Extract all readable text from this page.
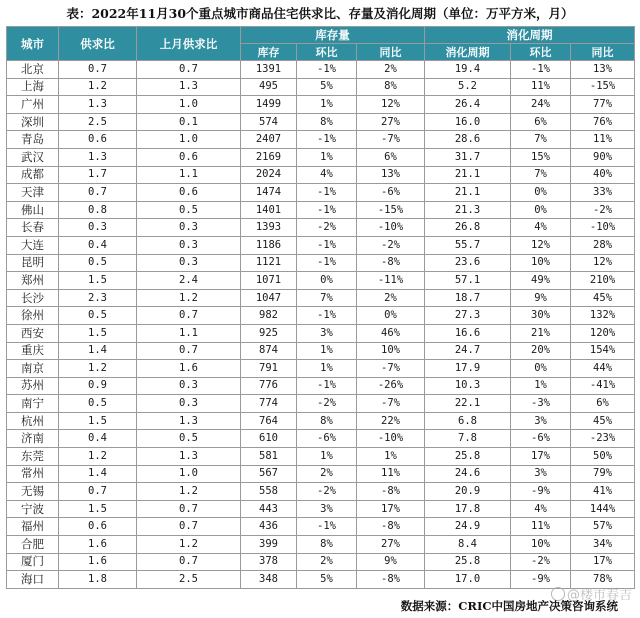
表：2022年11月30个重点城市商品住宅供求比、存量及消化周期（单位：万平方米，月）
城市	供求比	上月供求比	库存量			消化周期		
			库存	环比	同比	消化周期	环比	同比
北京	0.7	0.7	1391	-1%	2%	19.4	-1%	13%
上海	1.2	1.3	495	5%	8%	5.2	11%	-15%
广州	1.3	1.0	1499	1%	12%	26.4	24%	77%
深圳	2.5	0.1	574	8%	27%	16.0	6%	76%
青岛	0.6	1.0	2407	-1%	-7%	28.6	7%	11%
武汉	1.3	0.6	2169	1%	6%	31.7	15%	90%
成都	1.7	1.1	2024	4%	13%	21.1	7%	40%
天津	0.7	0.6	1474	-1%	-6%	21.1	0%	33%
佛山	0.8	0.5	1401	-1%	-15%	21.3	0%	-2%
长春	0.3	0.3	1393	-2%	-10%	26.8	4%	-10%
大连	0.4	0.3	1186	-1%	-2%	55.7	12%	28%
昆明	0.5	0.3	1121	-1%	-8%	23.6	10%	12%
郑州	1.5	2.4	1071	0%	-11%	57.1	49%	210%
长沙	2.3	1.2	1047	7%	2%	18.7	9%	45%
徐州	0.5	0.7	982	-1%	0%	27.3	30%	132%
西安	1.5	1.1	925	3%	46%	16.6	21%	120%
重庆	1.4	0.7	874	1%	10%	24.7	20%	154%
南京	1.2	1.6	791	1%	-7%	17.9	0%	44%
苏州	0.9	0.3	776	-1%	-26%	10.3	1%	-41%
南宁	0.5	0.3	774	-2%	-7%	22.1	-3%	6%
杭州	1.5	1.3	764	8%	22%	6.8	3%	45%
济南	0.4	0.5	610	-6%	-10%	7.8	-6%	-23%
东莞	1.2	1.3	581	1%	1%	25.8	17%	50%
常州	1.4	1.0	567	2%	11%	24.6	3%	79%
无锡	0.7	1.2	558	-2%	-8%	20.9	-9%	41%
宁波	1.5	0.7	443	3%	17%	17.8	4%	144%
福州	0.6	0.7	436	-1%	-8%	24.9	11%	57%
合肥	1.6	1.2	399	8%	27%	8.4	10%	34%
厦门	1.6	0.7	378	2%	9%	25.8	-2%	17%
海口	1.8	2.5	348	5%	-8%	17.0	-9%	78%
@楼市春吉
数据来源：CRIC中国房地产决策咨询系统
